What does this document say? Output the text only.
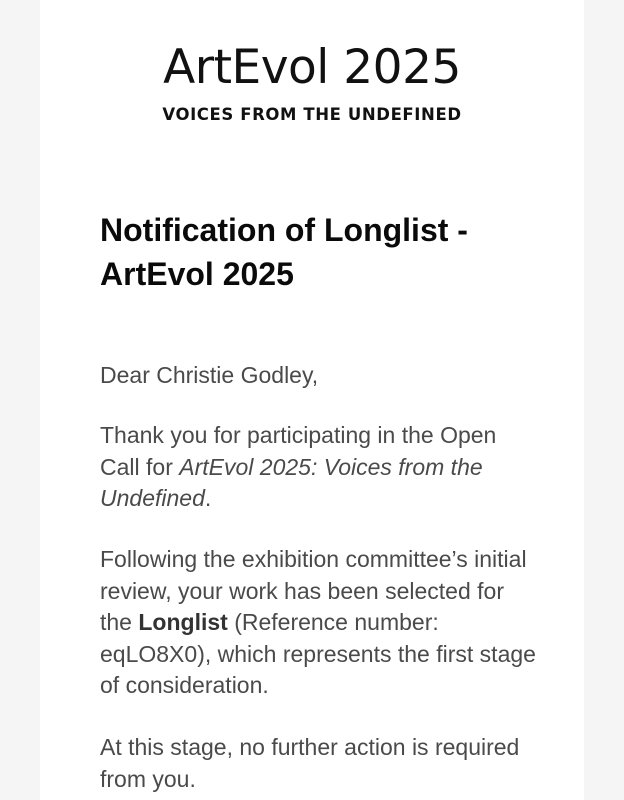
ArtEvol 2025
VOICES FROM THE UNDEFINED
Notification of Longlist - ArtEvol 2025

Dear Christie Godley,

Thank you for participating in the Open Call for ArtEvol 2025: Voices from the Undefined.

Following the exhibition committee’s initial review, your work has been selected for the Longlist (Reference number: eqLO8X0), which represents the first stage of consideration.

At this stage, no further action is required from you.
